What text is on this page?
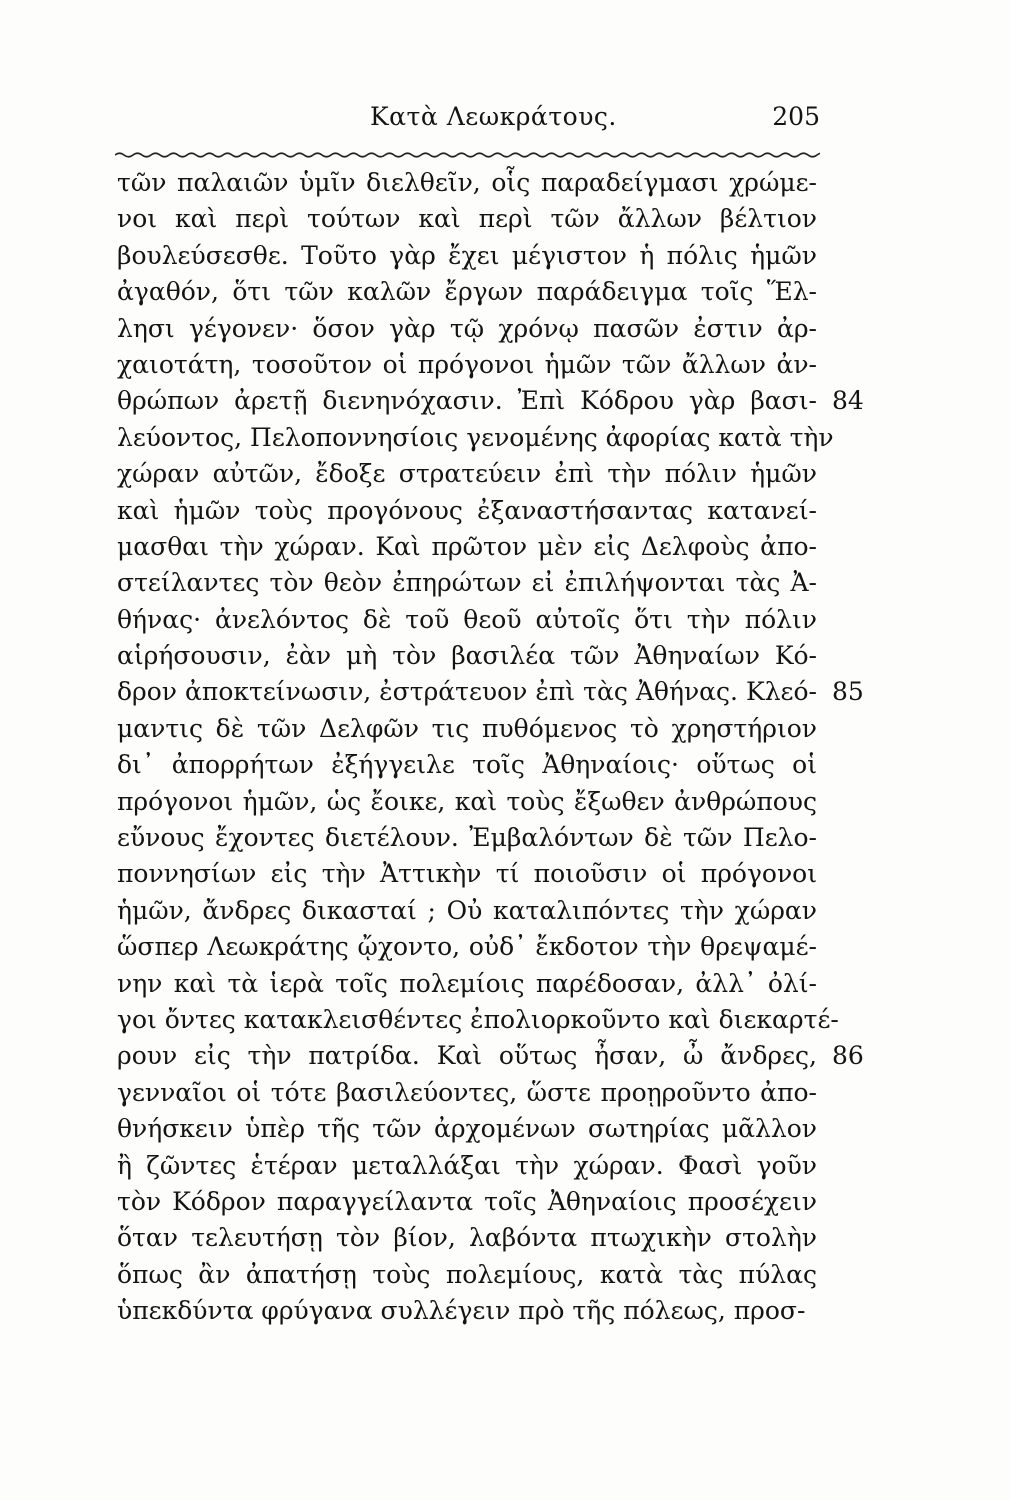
Κατὰ Λεωκράτους.	205
τῶν παλαιῶν ὑμῖν διελθεῖν, οἷς παραδείγμασι χρώμε-
νοι καὶ περὶ τούτων καὶ περὶ τῶν ἄλλων βέλτιον
βουλεύσεσθε. Τοῦτο γὰρ ἔχει μέγιστον ἡ πόλις ἡμῶν
ἀγαθόν, ὅτι τῶν καλῶν ἔργων παράδειγμα τοῖς Ἕλ-
λησι γέγονεν· ὅσον γὰρ τῷ χρόνῳ πασῶν ἐστιν ἀρ-
χαιοτάτη, τοσοῦτον οἱ πρόγονοι ἡμῶν τῶν ἄλλων ἀν-
θρώπων ἀρετῇ διενηνόχασιν. Ἐπὶ Κόδρου γὰρ βασι- 84
λεύοντος, Πελοποννησίοις γενομένης ἀφορίας κατὰ τὴν
χώραν αὐτῶν, ἔδοξε στρατεύειν ἐπὶ τὴν πόλιν ἡμῶν
καὶ ἡμῶν τοὺς προγόνους ἐξαναστήσαντας κατανεί-
μασθαι τὴν χώραν. Καὶ πρῶτον μὲν εἰς Δελφοὺς ἀπο-
στείλαντες τὸν θεὸν ἐπηρώτων εἰ ἐπιλήψονται τὰς Ἀ-
θήνας· ἀνελόντος δὲ τοῦ θεοῦ αὐτοῖς ὅτι τὴν πόλιν
αἱρήσουσιν, ἐὰν μὴ τὸν βασιλέα τῶν Ἀθηναίων Κό-
δρον ἀποκτείνωσιν, ἐστράτευον ἐπὶ τὰς Ἀθήνας. Κλεό- 85
μαντις δὲ τῶν Δελφῶν τις πυθόμενος τὸ χρηστήριον
δι᾽ ἀπορρήτων ἐξήγγειλε τοῖς Ἀθηναίοις· οὕτως οἱ
πρόγονοι ἡμῶν, ὡς ἔοικε, καὶ τοὺς ἔξωθεν ἀνθρώπους
εὔνους ἔχοντες διετέλουν. Ἐμβαλόντων δὲ τῶν Πελο-
ποννησίων εἰς τὴν Ἀττικὴν τί ποιοῦσιν οἱ πρόγονοι
ἡμῶν, ἄνδρες δικασταί ; Οὐ καταλιπόντες τὴν χώραν
ὥσπερ Λεωκράτης ᾤχοντο, οὐδ᾽ ἔκδοτον τὴν θρεψαμέ-
νην καὶ τὰ ἱερὰ τοῖς πολεμίοις παρέδοσαν, ἀλλ᾽ ὀλί-
γοι ὄντες κατακλεισθέντες ἐπολιορκοῦντο καὶ διεκαρτέ-
ρουν εἰς τὴν πατρίδα. Καὶ οὕτως ἦσαν, ὦ ἄνδρες, 86
γενναῖοι οἱ τότε βασιλεύοντες, ὥστε προῃροῦντο ἀπο-
θνήσκειν ὑπὲρ τῆς τῶν ἀρχομένων σωτηρίας μᾶλλον
ἢ ζῶντες ἑτέραν μεταλλάξαι τὴν χώραν. Φασὶ γοῦν
τὸν Κόδρον παραγγείλαντα τοῖς Ἀθηναίοις προσέχειν
ὅταν τελευτήσῃ τὸν βίον, λαβόντα πτωχικὴν στολὴν
ὅπως ἂν ἀπατήσῃ τοὺς πολεμίους, κατὰ τὰς πύλας
ὑπεκδύντα φρύγανα συλλέγειν πρὸ τῆς πόλεως, προσ-
